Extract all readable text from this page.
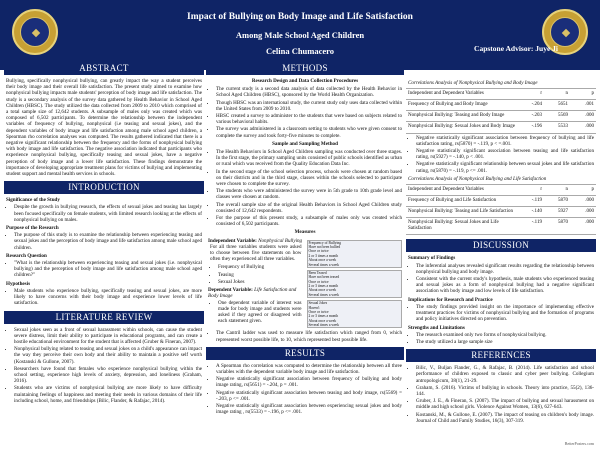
Impact of Bullying on Body Image and Life Satisfaction
Among Male School Aged Children
Celina Chumacero	Capstone Advisor: Juye Ji
ABSTRACT
Bullying, specifically nonphysical bullying, can greatly impact the way a student perceives their body image and their overall life satisfaction. The present study aimed to examine how nonphysical bullying impacts male students' perception of body image and life satisfaction. The study is a secondary analysis of the survey data gathered by Health Behavior in School Aged Children (HBSC). The study utilized the data collected from 2009 to 2010 which comprised of a total sample size of 12,642 students. A subsample of males only was created which was composed of 6,502 participants. To determine the relationship between the independent variables of frequency of bullying, nonphysical (i.e teasing and sexual jokes), and the dependent variables of body image and life satisfaction among male school aged children, a Spearman rho correlation analyses was computed. The results gathered indicated that there is a negative significant relationship between the frequency and the forms of nonphysical bullying with body image and life satisfaction. The negative association indicated that participants who experience nonphysical bullying, specifically teasing and sexual jokes, have a negative perception of body image and a lower life satisfaction. These findings demonstrate the importance of developing appropriate treatment plans for victims of bullying and implementing student support and mental health services in schools.
INTRODUCTION
Significance of the Study
• Despite the growth in bullying research, the effects of sexual jokes and teasing has largely been focused specifically on female students, with limited research looking at the effects of nonphysical bullying on males.
Purpose of the Research
• The purpose of this study is to examine the relationship between experiencing teasing and sexual jokes and the perception of body image and life satisfaction among male school aged children.
Research Question
• "What is the relationship between experiencing teasing and sexual jokes (i.e. nonphysical bullying) and the perception of body image and life satisfaction among male school aged children?"
Hypothesis
• Male students who experience bullying, specifically teasing and sexual jokes, are more likely to have concerns with their body image and experience lower levels of life satisfaction.
LITERATURE REVIEW
• Sexual jokes seen as a front of sexual harassment within schools, can cause the student severe distress, limit their ability to participate in educational programs, and can create a hostile educational environment for the student that is affected (Gruber & Fineran, 2007).
• Nonphysical bullying related to teasing and sexual jokes on a child's appearance can impact the way they perceive their own body and their ability to maintain a positive self worth (Kostanski & Gullone, 2007).
• Researchers have found that females who experience nonphysical bullying within the school setting, experience high levels of anxiety, depression, and loneliness (Graham, 2016).
• Students who are victims of nonphysical bullying are more likely to have difficulty maintaining feelings of happiness and meeting their needs in various domains of their life including school, home, and friendships (Bilic, Flander, & Rafajac, 2014).
METHODS
Research Design and Data Collection Procedures
• The current study is a second data analysis of data collected by the Health Behavior in School Aged Children (HBSC), sponsored by the World Health Organization.
• Though HBSC was an international study, the current study only uses data collected within the United States from 2009 to 2010.
• HBSC created a survey to administer to the students that were based on subjects related to various behavioral habits.
• The survey was administered in a classroom setting to students who were given consent to complete the survey and took forty-five minutes to complete.
Sample and Sampling Method
• The Health Behaviors in School Aged Children sampling was conducted over three stages. In the first stage, the primary sampling units consisted of public schools identified as urban or rural which was received from the Quality Education Data Inc.
• In the second stage of the school selection process, schools were chosen at random based on their districts and in the third stage, classes within the schools selected to participate were chosen to complete the survey.
• The students who were administered the survey were in 5th grade to 10th grade level and classes were chosen at random.
• The overall sample size of the original Health Behaviors in School Aged Children study consisted of 12,642 respondents.
• For the purpose of this present study, a subsample of males only was created which consisted of 6,502 participants.
Measures
Independent Variable: Nonphysical Bullying
For all three variables students were asked to choose between five statements on how often they experienced all three variables.
• Frequency of Bullying
• Teasing
• Sexual Jokes
Dependent Variable: Life Satisfaction and Body Image
• One dependent variable of interest was made for body image and students were asked if they agreed or disagreed with each statement given.
Frequency of Bullying
Have not been bullied
Once or twice
2 or 3 times a month
About once a week
Several times a week
Been Teased
Have not been teased
Once or twice
2 or 3 times a month
About once a week
Several times a week
Sexual Jokes
Haven't
Once or twice
2 or 3 times a month
About once a week
Several times a week
• The Cantril ladder was used to measure life satisfaction which ranged from 0, which represented worst possible life, to 10, which represented best possible life.
RESULTS
• A Spearman rho correlation was computed to determine the relationship between all three variables with the dependent variable body image and life satisfaction.
• Negative statistically significant association between frequency of bullying and body image rating, rs(5651) = -.204, p = .001.
• Negative statistically significant association between teasing and body image, rs(5569) = -.203, p <= .001.
• Negative statistically significant association between experiencing sexual jokes and body image rating , rs(5533) = -.196, p <= .001.
Correlations Analysis of Nonphysical Bullying and Body Image
Independent and Dependent Variables	r	n	p
Frequency of Bullying and Body Image	-.204	5651	.001
Nonphysical Bullying: Teasing and Body Image	-.203	5569	.000
Nonphysical Bullying: Sexual Jokes and Body Image	-.196	5533	.000
• Negative statistically significant association between frequency of bullying and life satisfaction rating, rs(5870) = -.119, p < =.001.
• Negative statistically significant association between teasing and life satisfaction rating, rs(5927) = -.140, p < .001.
• Negative statistically significant relationship between sexual jokes and life satisfaction rating, rs(5870) = -.119, p <= .001.
Correlations Analysis of Nonphysical Bullying and Life Satisfaction
Independent and Dependent Variables	r	n	p
Frequency of Bullying and Life Satisfaction	-.119	5870	.000
Nonphysical Bullying: Teasing and Life Satisfaction	-.140	5927	.000
Nonphysical Bullying: Sexual Jokes and Life Satisfaction	-.119	5870	.000
DISCUSSION
Summary of Findings
• The inferential analyses revealed significant results regarding the relationship between nonphysical bullying and body image.
• Consistent with the current study's hypothesis, male students who experienced teasing and sexual jokes as a form of nonphysical bullying had a negative significant association with body image and low levels of life satisfaction.
Implications for Research and Practice
• The study findings provided insight on the importance of implementing effective treatment practices for victims of nonphysical bullying and the formation of programs and policy initiatives directed on prevention.
Strengths and Limitations
• The research examined only two forms of nonphysical bullying.
• The study utilized a large sample size
REFERENCES
• Bilic, V., Buljan Flander, G., & Rafajac, B. (2014). Life satisfaction and school performance of children exposed to classic and cyber peer bullying. Collegium antropologicum, 38(1), 21-29.
• Graham, S. (2016). Victims of bullying in schools. Theory into practice, 55(2), 136-144.
• Gruber, J. E., & Fineran, S. (2007). The impact of bullying and sexual harassment on middle and high school girls. Violence Against Women, 13(6), 627-643.
• Kostanski, M., & Gullone, E. (2007). The impact of teasing on children's body image. Journal of Child and Family Studies, 16(3), 307-319.
BetterPosters.com
